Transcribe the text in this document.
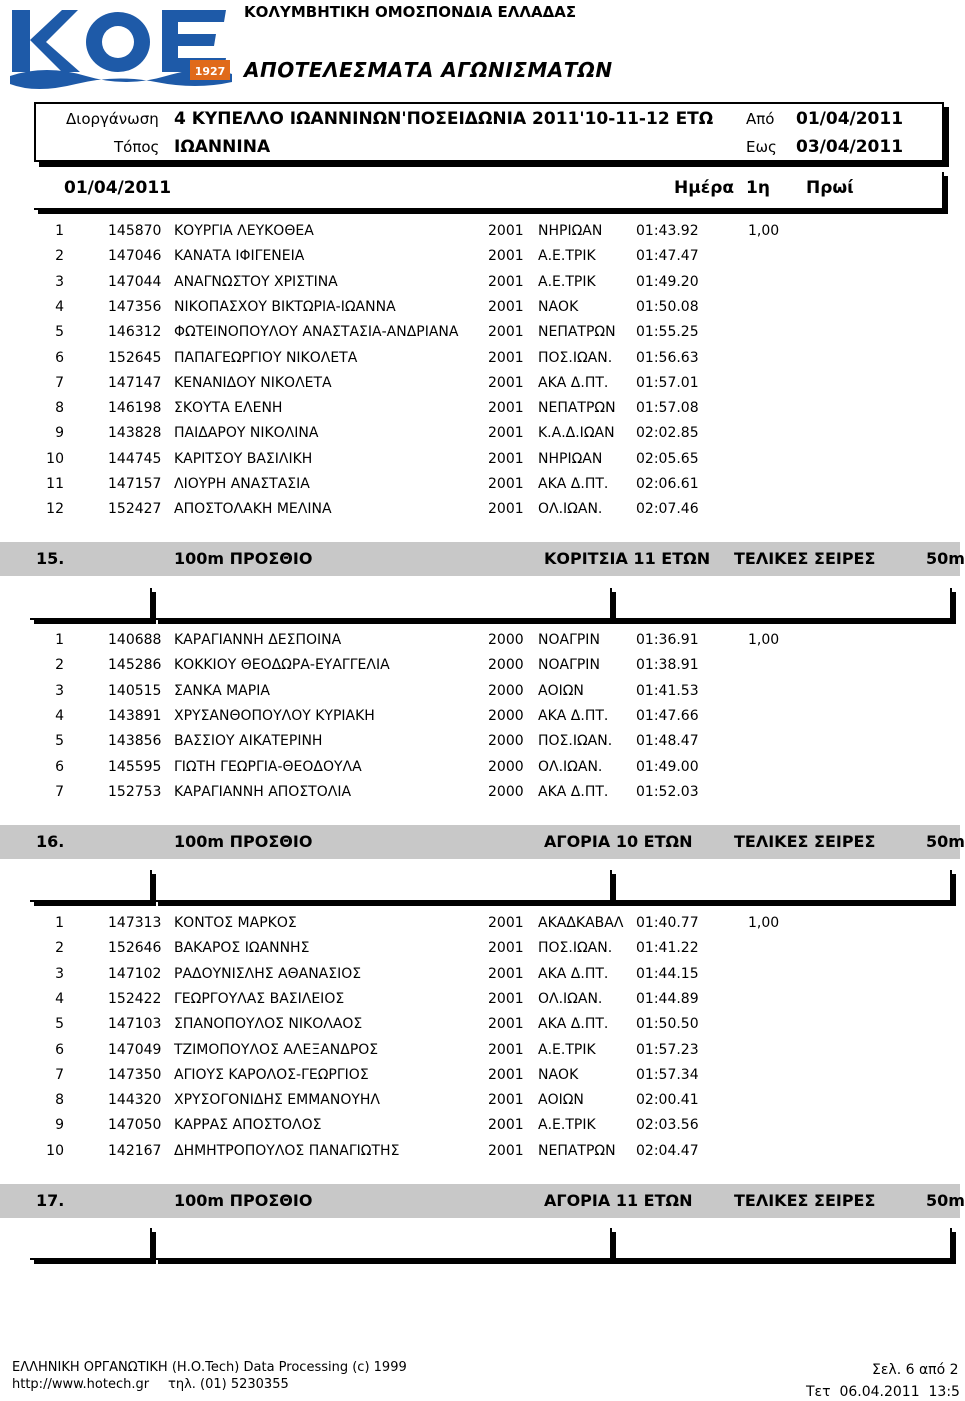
1927
ΚΟΛΥΜΒΗΤΙΚΗ ΟΜΟΣΠΟΝΔΙΑ ΕΛΛΑΔΑΣ
ΑΠΟΤΕΛΕΣΜΑΤΑ ΑΓΩΝΙΣΜΑΤΩΝ
Διοργάνωση 4 ΚΥΠΕΛΛΟ ΙΩΑΝΝΙΝΩΝ'ΠΟΣΕΙΔΩΝΙΑ 2011'10-11-12 ΕΤΩ
Τόπος ΙΩΑΝΝΙΝΑ
Από 01/04/2011
Εως 03/04/2011
01/04/2011	Ημέρα 1η Πρωί
1	145870 ΚΟΥΡΓΙΑ ΛΕΥΚΟΘΕΑ	2001 ΝΗΡΙΩΑΝ 01:43.92	1,00
2	147046 ΚΑΝΑΤΑ ΙΦΙΓΕΝΕΙΑ	2001 Α.Ε.ΤΡΙΚ	01:47.47
3	147044 ΑΝΑΓΝΩΣΤΟΥ ΧΡΙΣΤΙΝΑ	2001 Α.Ε.ΤΡΙΚ	01:49.20
4	147356 ΝΙΚΟΠΑΣΧΟΥ ΒΙΚΤΩΡΙΑ-ΙΩΑΝΝΑ	2001 ΝΑΟΚ	01:50.08
5	146312 ΦΩΤΕΙΝΟΠΟΥΛΟΥ ΑΝΑΣΤΑΣΙΑ-ΑΝΔΡΙΑΝΑ 2001 ΝΕΠΑΤΡΩΝ 01:55.25
6	152645 ΠΑΠΑΓΕΩΡΓΙΟΥ ΝΙΚΟΛΕΤΑ	2001 ΠΟΣ.ΙΩΑΝ. 01:56.63
7	147147 ΚΕΝΑΝΙΔΟΥ ΝΙΚΟΛΕΤΑ	2001 ΑΚΑ Δ.ΠΤ. 01:57.01
8	146198 ΣΚΟΥΤΑ ΕΛΕΝΗ	2001 ΝΕΠΑΤΡΩΝ 01:57.08
9	143828 ΠΑΙΔΑΡΟΥ ΝΙΚΟΛΙΝΑ	2001 Κ.Α.Δ.ΙΩΑΝ 02:02.85
10	144745 ΚΑΡΙΤΣΟΥ ΒΑΣΙΛΙΚΗ	2001 ΝΗΡΙΩΑΝ 02:05.65
11	147157 ΛΙΟΥΡΗ ΑΝΑΣΤΑΣΙΑ	2001 ΑΚΑ Δ.ΠΤ. 02:06.61
12	152427 ΑΠΟΣΤΟΛΑΚΗ ΜΕΛΙΝΑ	2001 ΟΛ.ΙΩΑΝ. 02:07.46
15.	100m ΠΡΟΣΘΙΟ	ΚΟΡΙΤΣΙΑ 11 ΕΤΩΝ ΤΕΛΙΚΕΣ ΣΕΙΡΕΣ	50m
1	140688 ΚΑΡΑΓΙΑΝΝΗ ΔΕΣΠΟΙΝΑ	2000 ΝΟΑΓΡΙΝ	01:36.91	1,00
2	145286 ΚΟΚΚΙΟΥ ΘΕΟΔΩΡΑ-ΕΥΑΓΓΕΛΙΑ	2000 ΝΟΑΓΡΙΝ	01:38.91
3	140515 ΣΑΝΚΑ ΜΑΡΙΑ	2000 ΑΟΙΩΝ	01:41.53
4	143891 ΧΡΥΣΑΝΘΟΠΟΥΛΟΥ ΚΥΡΙΑΚΗ	2000 ΑΚΑ Δ.ΠΤ. 01:47.66
5	143856 ΒΑΣΣΙΟΥ ΑΙΚΑΤΕΡΙΝΗ	2000 ΠΟΣ.ΙΩΑΝ. 01:48.47
6	145595 ΓΙΩΤΗ ΓΕΩΡΓΙΑ-ΘΕΟΔΟΥΛΑ	2000 ΟΛ.ΙΩΑΝ. 01:49.00
7	152753 ΚΑΡΑΓΙΑΝΝΗ ΑΠΟΣΤΟΛΙΑ	2000 ΑΚΑ Δ.ΠΤ. 01:52.03
16.	100m ΠΡΟΣΘΙΟ	ΑΓΟΡΙΑ 10 ΕΤΩΝ	ΤΕΛΙΚΕΣ ΣΕΙΡΕΣ	50m
1	147313 ΚΟΝΤΟΣ ΜΑΡΚΟΣ	2001 ΑΚΑΔΚΑΒΑΛ 01:40.77	1,00
2	152646 ΒΑΚΑΡΟΣ ΙΩΑΝΝΗΣ	2001 ΠΟΣ.ΙΩΑΝ. 01:41.22
3	147102 ΡΑΔΟΥΝΙΣΛΗΣ ΑΘΑΝΑΣΙΟΣ	2001 ΑΚΑ Δ.ΠΤ. 01:44.15
4	152422 ΓΕΩΡΓΟΥΛΑΣ ΒΑΣΙΛΕΙΟΣ	2001 ΟΛ.ΙΩΑΝ. 01:44.89
5	147103 ΣΠΑΝΟΠΟΥΛΟΣ ΝΙΚΟΛΑΟΣ	2001 ΑΚΑ Δ.ΠΤ. 01:50.50
6	147049 ΤΖΙΜΟΠΟΥΛΟΣ ΑΛΕΞΑΝΔΡΟΣ	2001 Α.Ε.ΤΡΙΚ	01:57.23
7	147350 ΑΓΙΟΥΣ ΚΑΡΟΛΟΣ-ΓΕΩΡΓΙΟΣ	2001 ΝΑΟΚ	01:57.34
8	144320 ΧΡΥΣΟΓΟΝΙΔΗΣ ΕΜΜΑΝΟΥΗΛ	2001 ΑΟΙΩΝ	02:00.41
9	147050 ΚΑΡΡΑΣ ΑΠΟΣΤΟΛΟΣ	2001 Α.Ε.ΤΡΙΚ	02:03.56
10	142167 ΔΗΜΗΤΡΟΠΟΥΛΟΣ ΠΑΝΑΓΙΩΤΗΣ	2001 ΝΕΠΑΤΡΩΝ 02:04.47
17.	100m ΠΡΟΣΘΙΟ	ΑΓΟΡΙΑ 11 ΕΤΩΝ	ΤΕΛΙΚΕΣ ΣΕΙΡΕΣ	50m
ΕΛΛΗΝΙΚΗ ΟΡΓΑΝΩΤΙΚΗ (Η.Ο.Tech) Data Processing (c) 1999
http://www.hotech.gr τηλ. (01) 5230355
Σελ. 6 από 2
Τετ  06.04.2011  13:5
